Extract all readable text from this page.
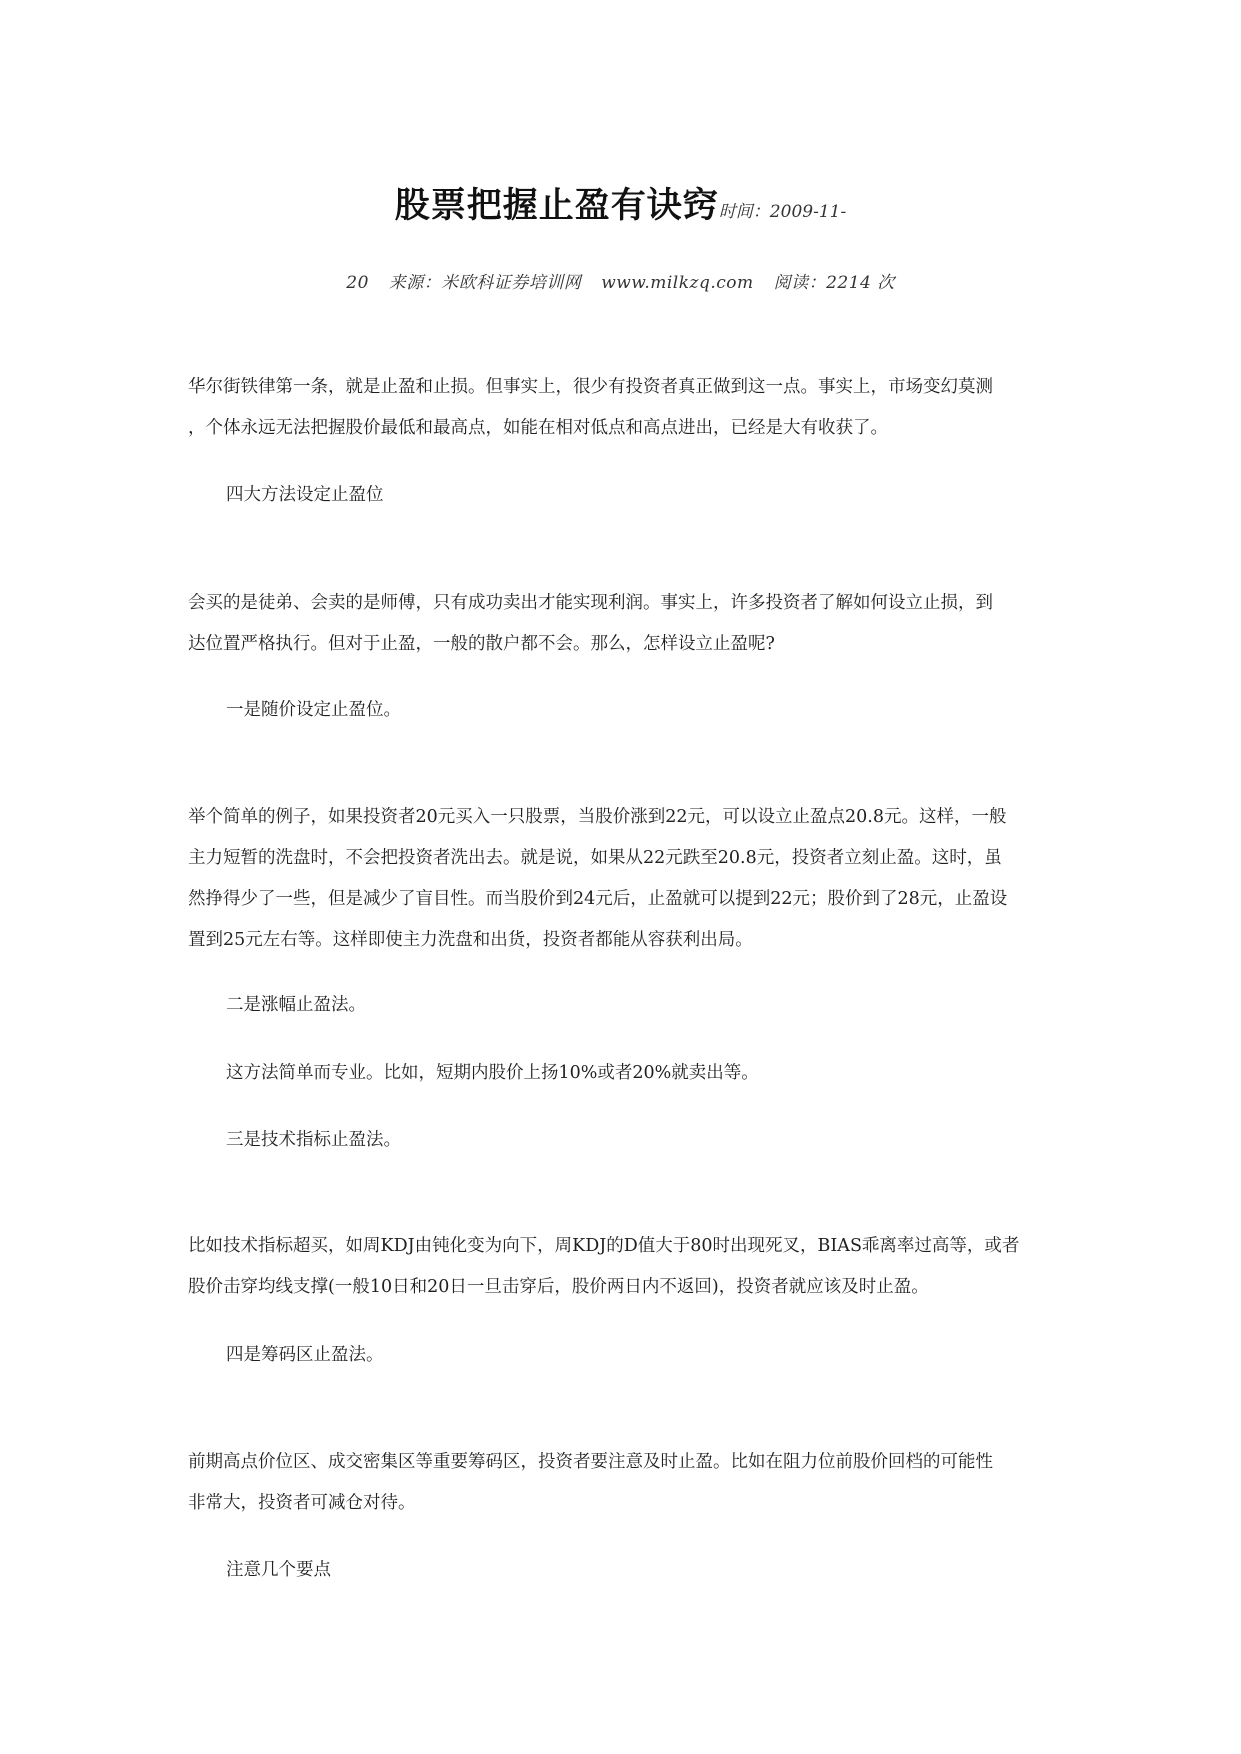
股票把握止盈有诀窍时间：2009-11-
20 来源：米欧科证券培训网 www.milkzq.com 阅读：2214 次

华尔街铁律第一条，就是止盈和止损。但事实上，很少有投资者真正做到这一点。事实上，市场变幻莫测

，个体永远无法把握股价最低和最高点，如能在相对低点和高点进出，已经是大有收获了。

四大方法设定止盈位

会买的是徒弟、会卖的是师傅，只有成功卖出才能实现利润。事实上，许多投资者了解如何设立止损，到

达位置严格执行。但对于止盈，一般的散户都不会。那么，怎样设立止盈呢?

一是随价设定止盈位。

举个简单的例子，如果投资者20元买入一只股票，当股价涨到22元，可以设立止盈点20.8元。这样，一般

主力短暂的洗盘时，不会把投资者洗出去。就是说，如果从22元跌至20.8元，投资者立刻止盈。这时，虽

然挣得少了一些，但是减少了盲目性。而当股价到24元后，止盈就可以提到22元；股价到了28元，止盈设

置到25元左右等。这样即使主力洗盘和出货，投资者都能从容获利出局。

二是涨幅止盈法。
这方法简单而专业。比如，短期内股价上扬10%或者20%就卖出等。
三是技术指标止盈法。

比如技术指标超买，如周KDJ由钝化变为向下，周KDJ的D值大于80时出现死叉，BIAS乖离率过高等，或者

股价击穿均线支撑(一般10日和20日一旦击穿后，股价两日内不返回)，投资者就应该及时止盈。

四是筹码区止盈法。

前期高点价位区、成交密集区等重要筹码区，投资者要注意及时止盈。比如在阻力位前股价回档的可能性

非常大，投资者可减仓对待。

注意几个要点
